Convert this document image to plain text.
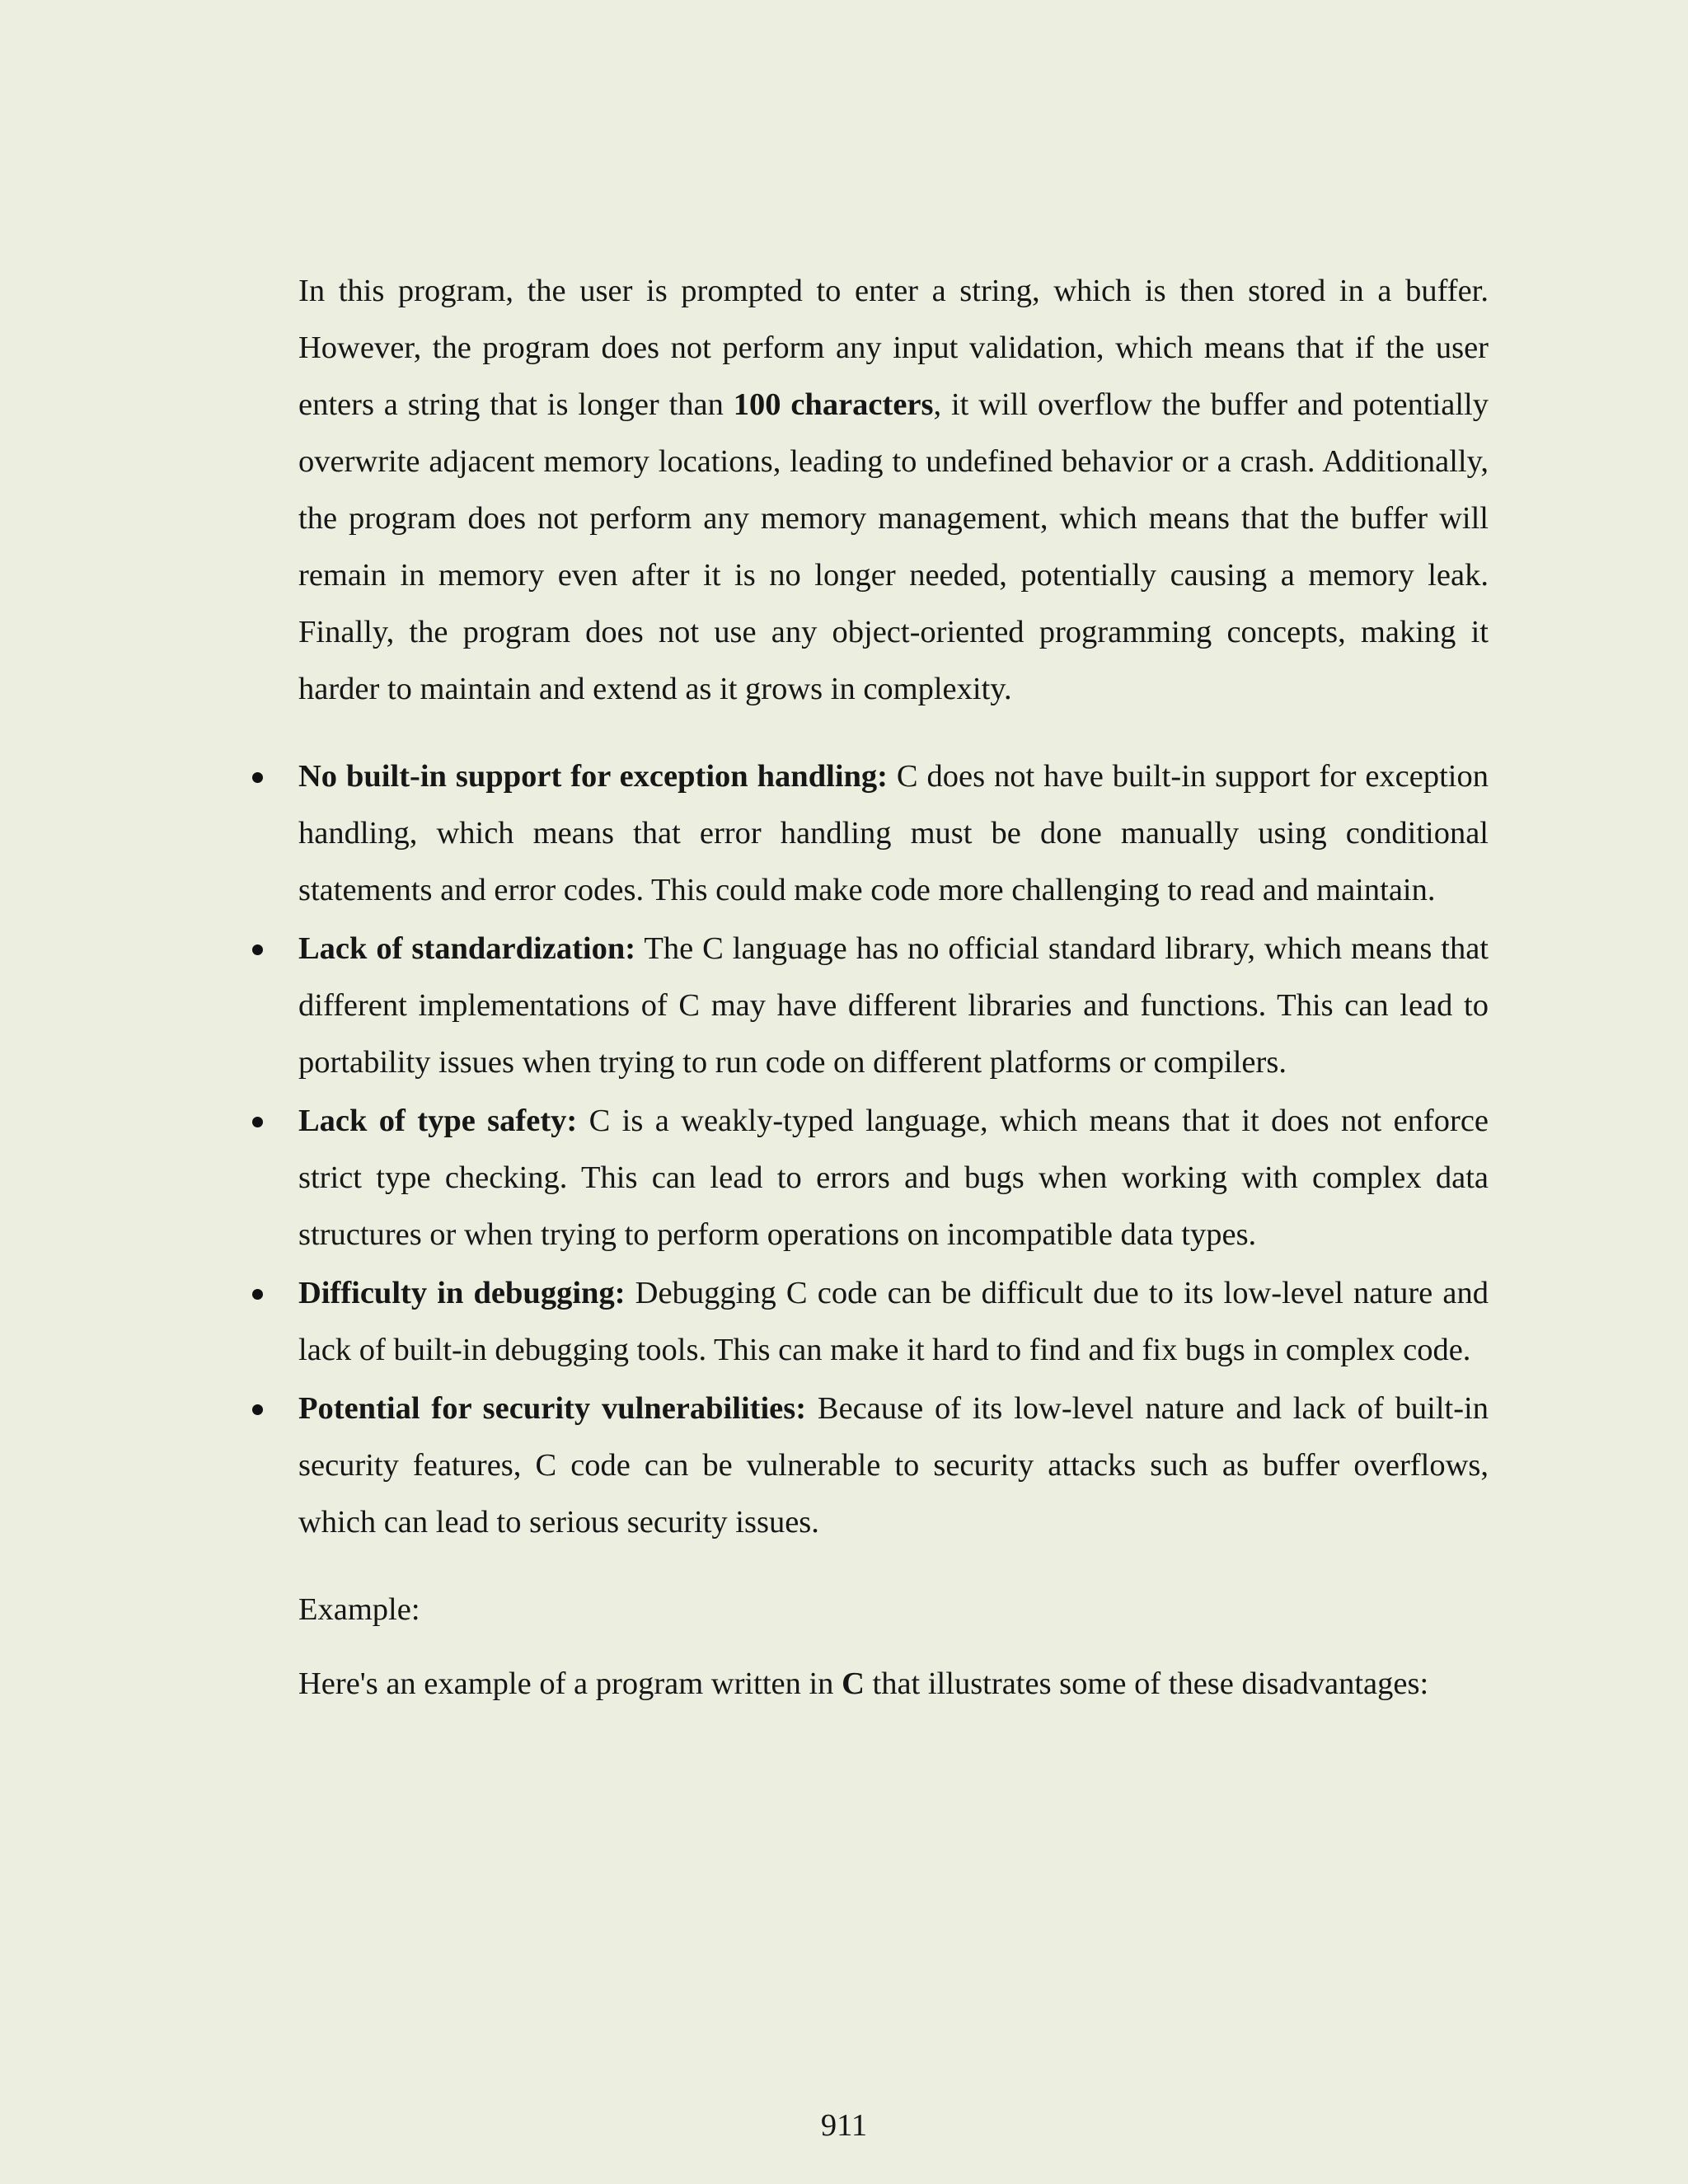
In this program, the user is prompted to enter a string, which is then stored in a buffer. However, the program does not perform any input validation, which means that if the user enters a string that is longer than 100 characters, it will overflow the buffer and potentially overwrite adjacent memory locations, leading to undefined behavior or a crash. Additionally, the program does not perform any memory management, which means that the buffer will remain in memory even after it is no longer needed, potentially causing a memory leak. Finally, the program does not use any object-oriented programming concepts, making it harder to maintain and extend as it grows in complexity.

No built-in support for exception handling: C does not have built-in support for exception handling, which means that error handling must be done manually using conditional statements and error codes. This could make code more challenging to read and maintain.
Lack of standardization: The C language has no official standard library, which means that different implementations of C may have different libraries and functions. This can lead to portability issues when trying to run code on different platforms or compilers.
Lack of type safety: C is a weakly-typed language, which means that it does not enforce strict type checking. This can lead to errors and bugs when working with complex data structures or when trying to perform operations on incompatible data types.
Difficulty in debugging: Debugging C code can be difficult due to its low-level nature and lack of built-in debugging tools. This can make it hard to find and fix bugs in complex code.
Potential for security vulnerabilities: Because of its low-level nature and lack of built-in security features, C code can be vulnerable to security attacks such as buffer overflows, which can lead to serious security issues.

Example:

Here's an example of a program written in C that illustrates some of these disadvantages:

911
